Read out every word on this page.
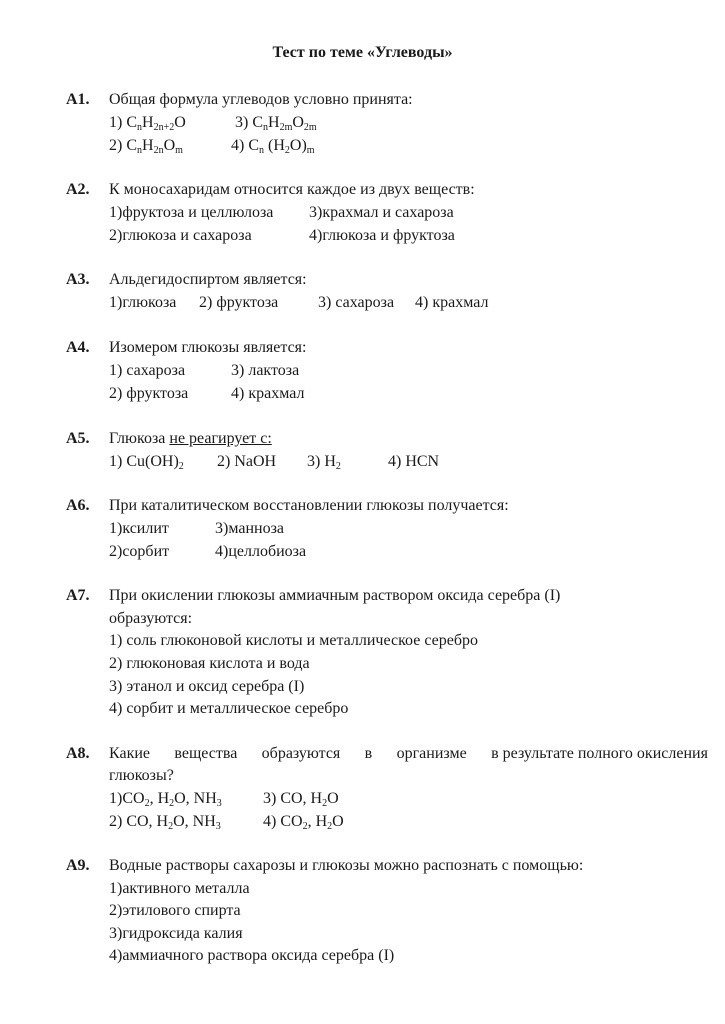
Тест по теме «Углеводы»
А1. Общая формула углеводов условно принята:
1) $C_nH_{2n+2}O$	3) $C_nH_{2m}O_{2m}$
2) $C_nH_{2n}O_m$	4) $C_n$ $(H_2O)_m$
А2. К моносахаридам относится каждое из двух веществ:
1)фруктоза и целлюлоза 3)крахмал и сахароза
2)глюкоза и сахароза	4)глюкоза и фруктоза
А3. Альдегидоспиртом является:
1)глюкоза 2) фруктоза 3) сахароза 4) крахмал
А4. Изомером глюкозы является:
1) сахароза	3) лактоза
2) фруктоза	4) крахмал
А5. Глюкоза не реагирует с:
1) $Cu(OH)_2$ 2) NaOH 3) $H_2$	4) HCN
А6. При каталитическом восстановлении глюкозы получается:
1)ксилит	3)манноза
2)сорбит	4)целлобиоза
А7. При окислении глюкозы аммиачным раствором оксида серебра (I)
образуются:
1) соль глюконовой кислоты и металлическое серебро
2) глюконовая кислота и вода
3) этанол и оксид серебра (I)
4) сорбит и металлическое серебро
А8. Какие вещества образуются в организме в результате полного окисления
глюкозы?
$1)CO_2$, $H_2O$, $NH_3$	3) CO, $H_2O$
2) CO, $H_2O$, $NH_3$	4) $CO_2$, $H_2O$
А9. Водные растворы сахарозы и глюкозы можно распознать с помощью:
1)активного металла
2)этилового спирта
3)гидроксида калия
4)аммиачного раствора оксида серебра (I)
